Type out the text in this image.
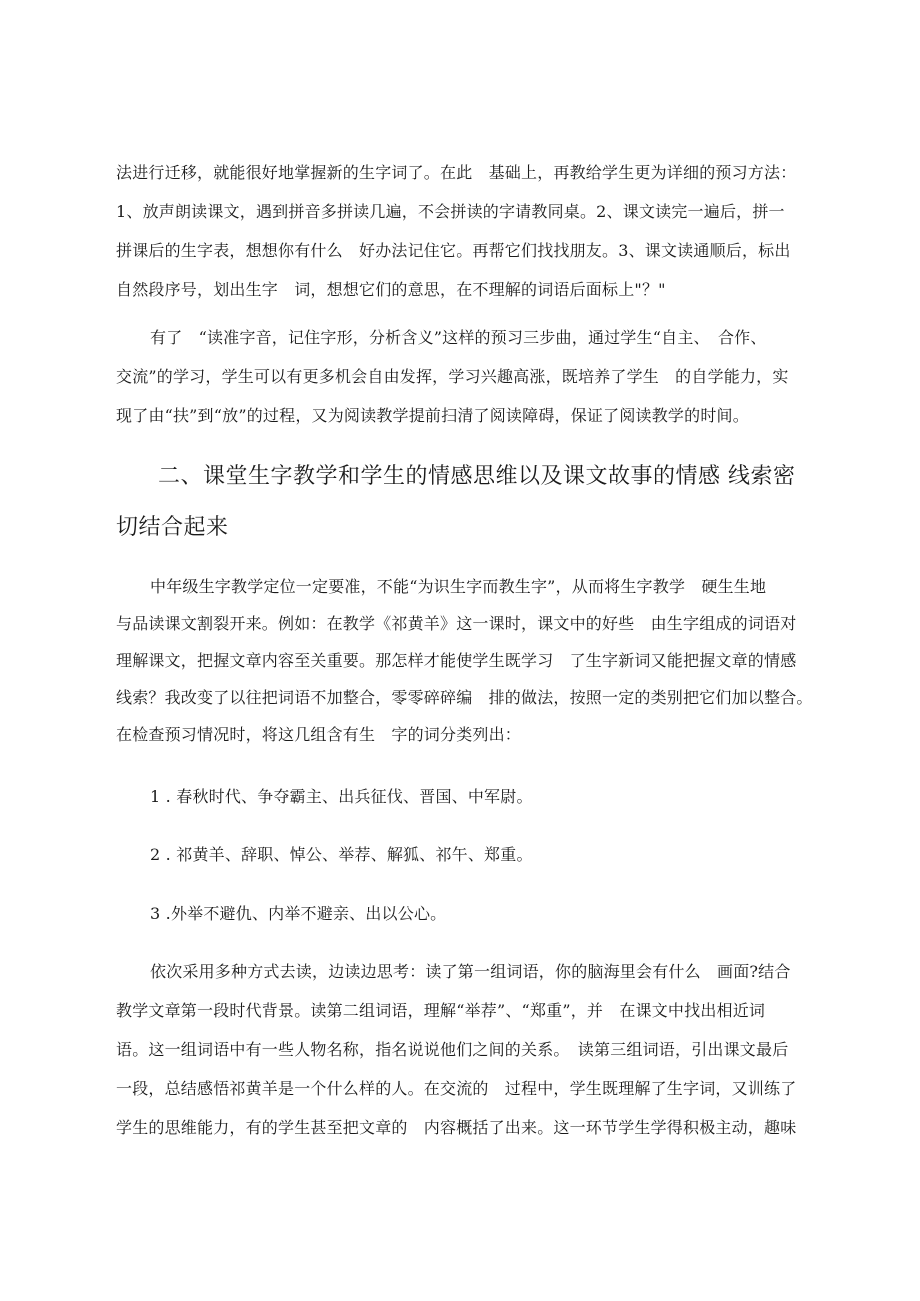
法进行迁移，就能很好地掌握新的生字词了。在此　基础上，再教给学生更为详细的预习方法：
1、放声朗读课文，遇到拼音多拼读几遍，不会拼读的字请教同桌。2、课文读完一遍后，拼一
拼课后的生字表，想想你有什么　好办法记住它。再帮它们找找朋友。3、课文读通顺后，标出
自然段序号，划出生字　词，想想它们的意思，在不理解的词语后面标上"？"
有了　“读准字音，记住字形，分析含义”这样的预习三步曲，通过学生“自主、　合作、
交流”的学习，学生可以有更多机会自由发挥，学习兴趣高涨，既培养了学生　的自学能力，实
现了由“扶”到“放”的过程，又为阅读教学提前扫清了阅读障碍，保证了阅读教学的时间。
二、课堂生字教学和学生的情感思维以及课文故事的情感 线索密
切结合起来
中年级生字教学定位一定要准，不能“为识生字而教生字”，从而将生字教学　硬生生地
与品读课文割裂开来。例如：在教学《祁黄羊》这一课时，课文中的好些　由生字组成的词语对
理解课文，把握文章内容至关重要。那怎样才能使学生既学习　了生字新词又能把握文章的情感
线索？我改变了以往把词语不加整合，零零碎碎编　排的做法，按照一定的类别把它们加以整合。
在检查预习情况时，将这几组含有生　字的词分类列出：
1 . 春秋时代、争夺霸主、出兵征伐、晋国、中军尉。
2 . 祁黄羊、辞职、悼公、举荐、解狐、祁午、郑重。
3 .外举不避仇、内举不避亲、出以公心。
依次采用多种方式去读，边读边思考：读了第一组词语，你的脑海里会有什么　画面?结合
教学文章第一段时代背景。读第二组词语，理解“举荐”、“郑重”，并　在课文中找出相近词
语。这一组词语中有一些人物名称，指名说说他们之间的关系。　读第三组词语，引出课文最后
一段，总结感悟祁黄羊是一个什么样的人。在交流的　过程中，学生既理解了生字词，又训练了
学生的思维能力，有的学生甚至把文章的　内容概括了出来。这一环节学生学得积极主动，趣味
